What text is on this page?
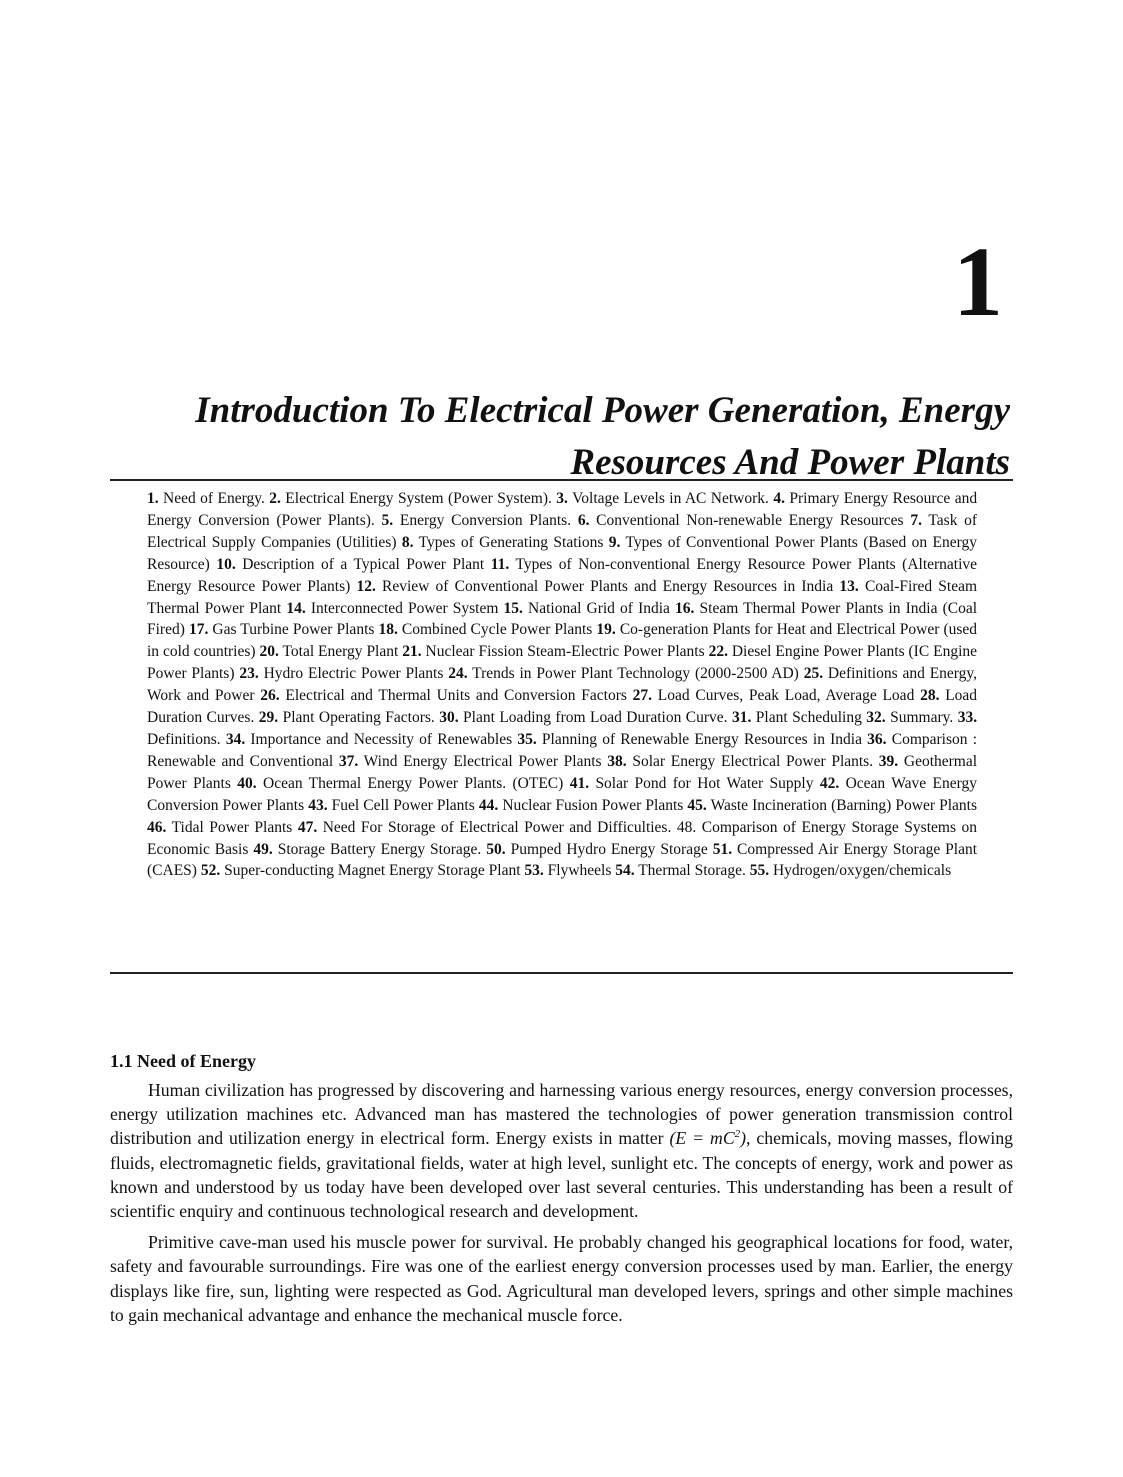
1
Introduction To Electrical Power Generation, Energy
Resources And Power Plants

1. Need of Energy. 2. Electrical Energy System (Power System). 3. Voltage Levels in AC Network. 4. Primary Energy Resource and Energy Conversion (Power Plants). 5. Energy Conversion Plants. 6. Conventional Non-renewable Energy Resources 7. Task of Electrical Supply Companies (Utilities) 8. Types of Generating Stations 9. Types of Conventional Power Plants (Based on Energy Resource) 10. Description of a Typical Power Plant 11. Types of Non-conventional Energy Resource Power Plants (Alternative Energy Resource Power Plants) 12. Review of Conventional Power Plants and Energy Resources in India 13. Coal-Fired Steam Thermal Power Plant 14. Interconnected Power System 15. National Grid of India 16. Steam Thermal Power Plants in India (Coal Fired) 17. Gas Turbine Power Plants 18. Combined Cycle Power Plants 19. Co-generation Plants for Heat and Electrical Power (used in cold countries) 20. Total Energy Plant 21. Nuclear Fission Steam-Electric Power Plants 22. Diesel Engine Power Plants (IC Engine Power Plants) 23. Hydro Electric Power Plants 24. Trends in Power Plant Technology (2000-2500 AD) 25. Definitions and Energy, Work and Power 26. Electrical and Thermal Units and Conversion Factors 27. Load Curves, Peak Load, Average Load 28. Load Duration Curves. 29. Plant Operating Factors. 30. Plant Loading from Load Duration Curve. 31. Plant Scheduling 32. Summary. 33. Definitions. 34. Importance and Necessity of Renewables 35. Planning of Renewable Energy Resources in India 36. Comparison : Renewable and Conventional 37. Wind Energy Electrical Power Plants 38. Solar Energy Electrical Power Plants. 39. Geothermal Power Plants 40. Ocean Thermal Energy Power Plants. (OTEC) 41. Solar Pond for Hot Water Supply 42. Ocean Wave Energy Conversion Power Plants 43. Fuel Cell Power Plants 44. Nuclear Fusion Power Plants 45. Waste Incineration (Barning) Power Plants 46. Tidal Power Plants 47. Need For Storage of Electrical Power and Difficulties. 48. Comparison of Energy Storage Systems on Economic Basis 49. Storage Battery Energy Storage. 50. Pumped Hydro Energy Storage 51. Compressed Air Energy Storage Plant (CAES) 52. Super-conducting Magnet Energy Storage Plant 53. Flywheels 54. Thermal Storage. 55. Hydrogen/oxygen/chemicals

1.1 Need of Energy

Human civilization has progressed by discovering and harnessing various energy resources, energy conversion processes, energy utilization machines etc. Advanced man has mastered the technologies of power generation transmission control distribution and utilization energy in electrical form. Energy exists in matter $(E = mC^2)$, chemicals, moving masses, flowing fluids, electromagnetic fields, gravitational fields, water at high level, sunlight etc. The concepts of energy, work and power as known and understood by us today have been developed over last several centuries. This understanding has been a result of scientific enquiry and continuous technological research and development.

Primitive cave-man used his muscle power for survival. He probably changed his geographical locations for food, water, safety and favourable surroundings. Fire was one of the earliest energy conversion processes used by man. Earlier, the energy displays like fire, sun, lighting were respected as God. Agricultural man developed levers, springs and other simple machines to gain mechanical advantage and enhance the mechanical muscle force.
